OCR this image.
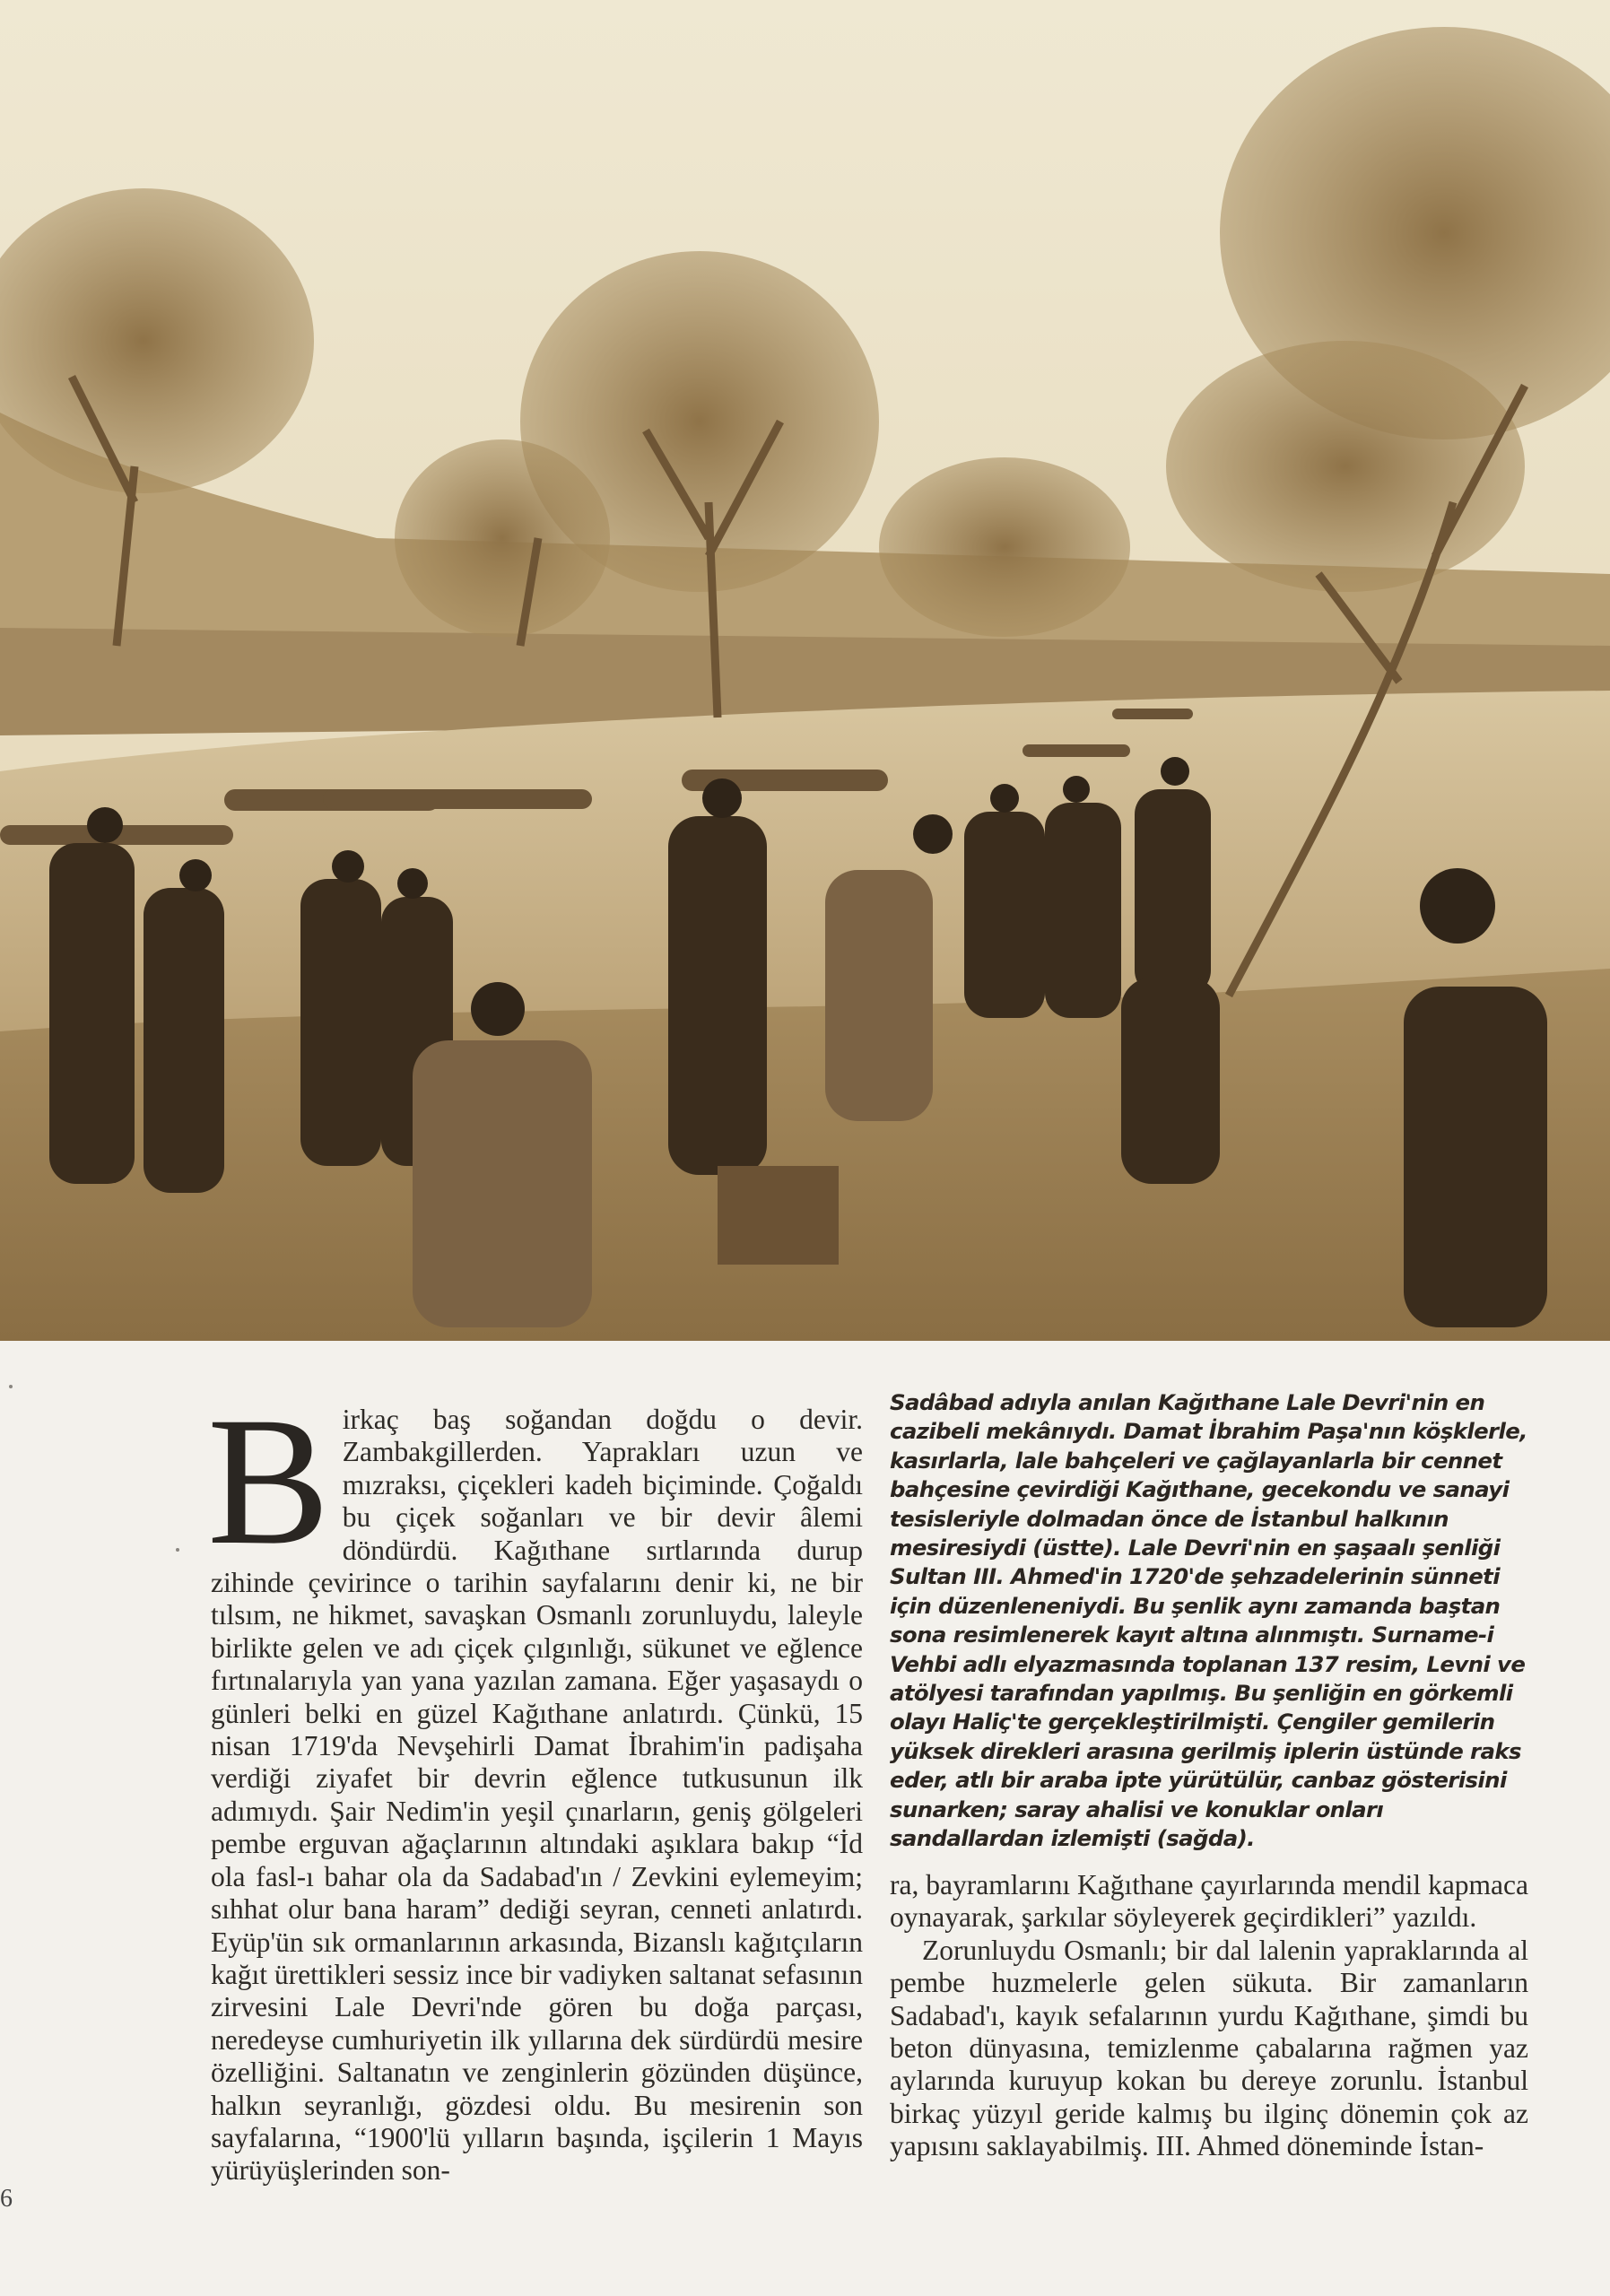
B irkaç baş soğandan doğdu o devir. Zambakgillerden. Yaprakları uzun ve mızraksı, çiçekleri kadeh biçiminde. Çoğaldı bu çiçek soğanları ve bir devir âlemi döndürdü. Kağıthane sırtlarında durup zihinde çevirince o tarihin sayfalarını denir ki, ne bir tılsım, ne hikmet, savaşkan Osmanlı zorunluydu, laleyle birlikte gelen ve adı çiçek çılgınlığı, sükunet ve eğlence fırtınalarıyla yan yana yazılan zamana. Eğer yaşasaydı o günleri belki en güzel Kağıthane anlatırdı. Çünkü, 15 nisan 1719'da Nevşehirli Damat İbrahim'in padişaha verdiği ziyafet bir devrin eğlence tutkusunun ilk adımıydı. Şair Nedim'in yeşil çınarların, geniş gölgeleri pembe erguvan ağaçlarının altındaki aşıklara bakıp “İd ola fasl-ı bahar ola da Sadabad'ın / Zevkini eylemeyim; sıhhat olur bana haram” dediği seyran, cenneti anlatırdı. Eyüp'ün sık ormanlarının arkasında, Bizanslı kağıtçıların kağıt ürettikleri sessiz ince bir vadiyken saltanat sefasının zirvesini Lale Devri'nde gören bu doğa parçası, neredeyse cumhuriyetin ilk yıllarına dek sürdürdü mesire özelliğini. Saltanatın ve zenginlerin gözünden düşünce, halkın seyranlığı, gözdesi oldu. Bu mesirenin son sayfalarına, “1900'lü yılların başında, işçilerin 1 Mayıs yürüyüşlerinden son-

Sadâbad adıyla anılan Kağıthane Lale Devri'nin en cazibeli mekânıydı. Damat İbrahim Paşa'nın köşklerle, kasırlarla, lale bahçeleri ve çağlayanlarla bir cennet bahçesine çevirdiği Kağıthane, gecekondu ve sanayi tesisleriyle dolmadan önce de İstanbul halkının mesiresiydi (üstte). Lale Devri'nin en şaşaalı şenliği Sultan III. Ahmed'in 1720'de şehzadelerinin sünneti için düzenleneniydi. Bu şenlik aynı zamanda baştan sona resimlenerek kayıt altına alınmıştı. Surname-i Vehbi adlı elyazmasında toplanan 137 resim, Levni ve atölyesi tarafından yapılmış. Bu şenliğin en görkemli olayı Haliç'te gerçekleştirilmişti. Çengiler gemilerin yüksek direkleri arasına gerilmiş iplerin üstünde raks eder, atlı bir araba ipte yürütülür, canbaz gösterisini sunarken; saray ahalisi ve konuklar onları sandallardan izlemişti (sağda).

ra, bayramlarını Kağıthane çayırlarında mendil kapmaca oynayarak, şarkılar söyleyerek geçirdikleri” yazıldı.

Zorunluydu Osmanlı; bir dal lalenin yapraklarında al pembe huzmelerle gelen sükuta. Bir zamanların Sadabad'ı, kayık sefalarının yurdu Kağıthane, şimdi bu beton dünyasına, temizlenme çabalarına rağmen yaz aylarında kuruyup kokan bu dereye zorunlu. İstanbul birkaç yüzyıl geride kalmış bu ilginç dönemin çok az yapısını saklayabilmiş. III. Ahmed döneminde İstan-

6
